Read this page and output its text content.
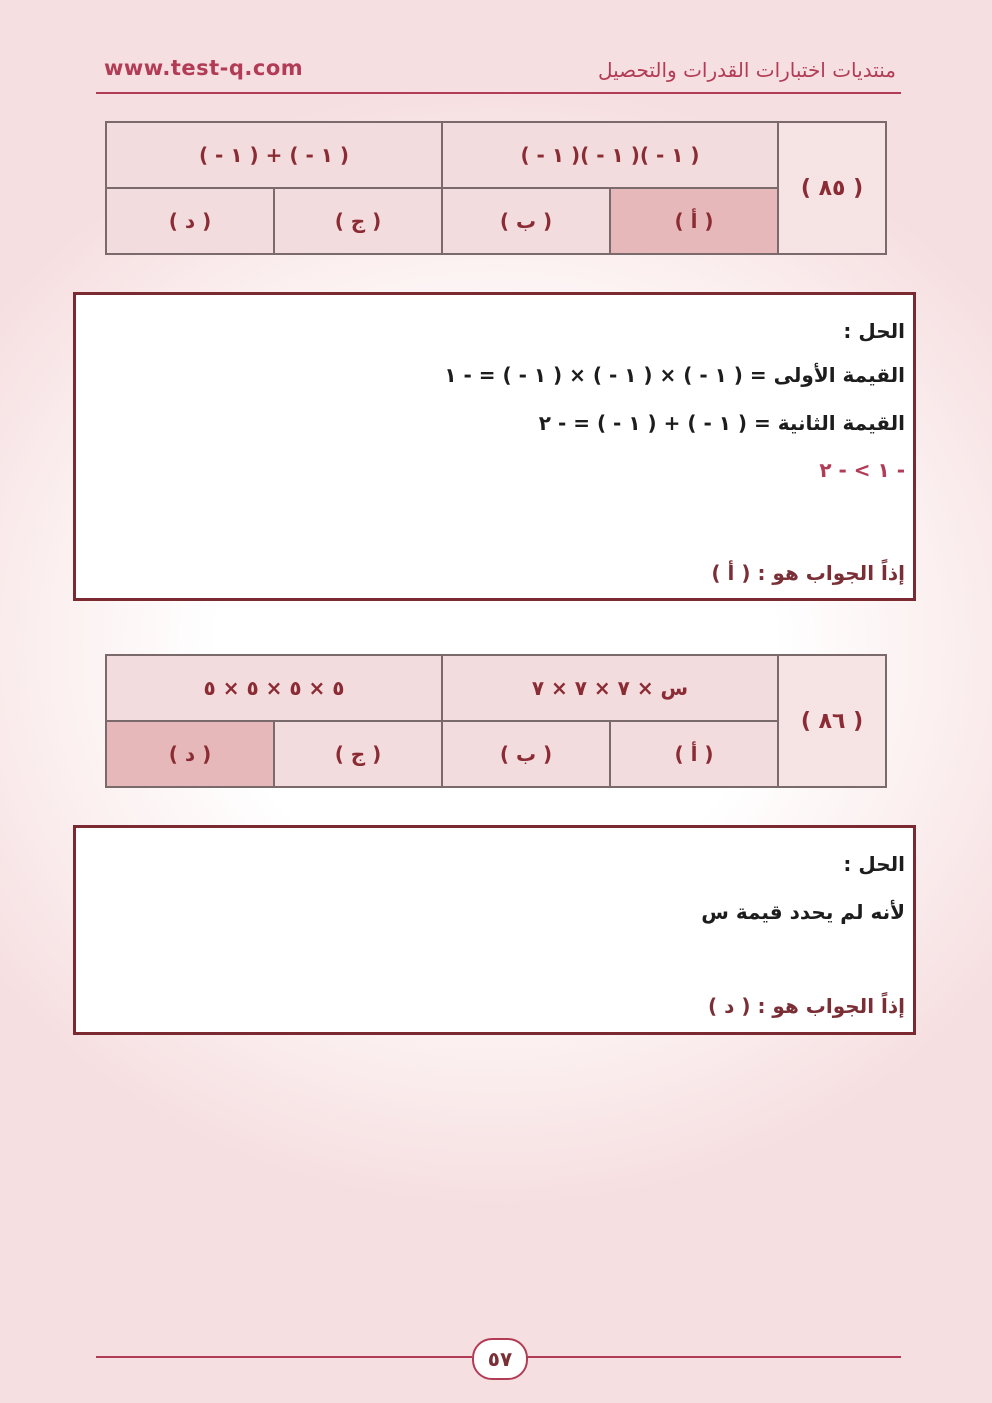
www.test-q.com	منتديات اختبارات القدرات والتحصيل
( ٨٥ )	( ١ - )( ١ - )( ١ - )		( ١ - ) + ( ١ - )	
	( أ )	( ب )	( ج )	( د )
الحل :
القيمة الأولى = ( ١ - ) × ( ١ - ) × ( ١ - ) = - ١
القيمة الثانية = ( ١ - ) + ( ١ - ) = - ٢
- ١ > - ٢
إذاً الجواب هو : ( أ )
( ٨٦ )	س × ٧ × ٧ × ٧		٥ × ٥ × ٥ × ٥	
	( أ )	( ب )	( ج )	( د )
الحل :
لأنه لم يحدد قيمة س
إذاً الجواب هو : ( د )
٥٧
